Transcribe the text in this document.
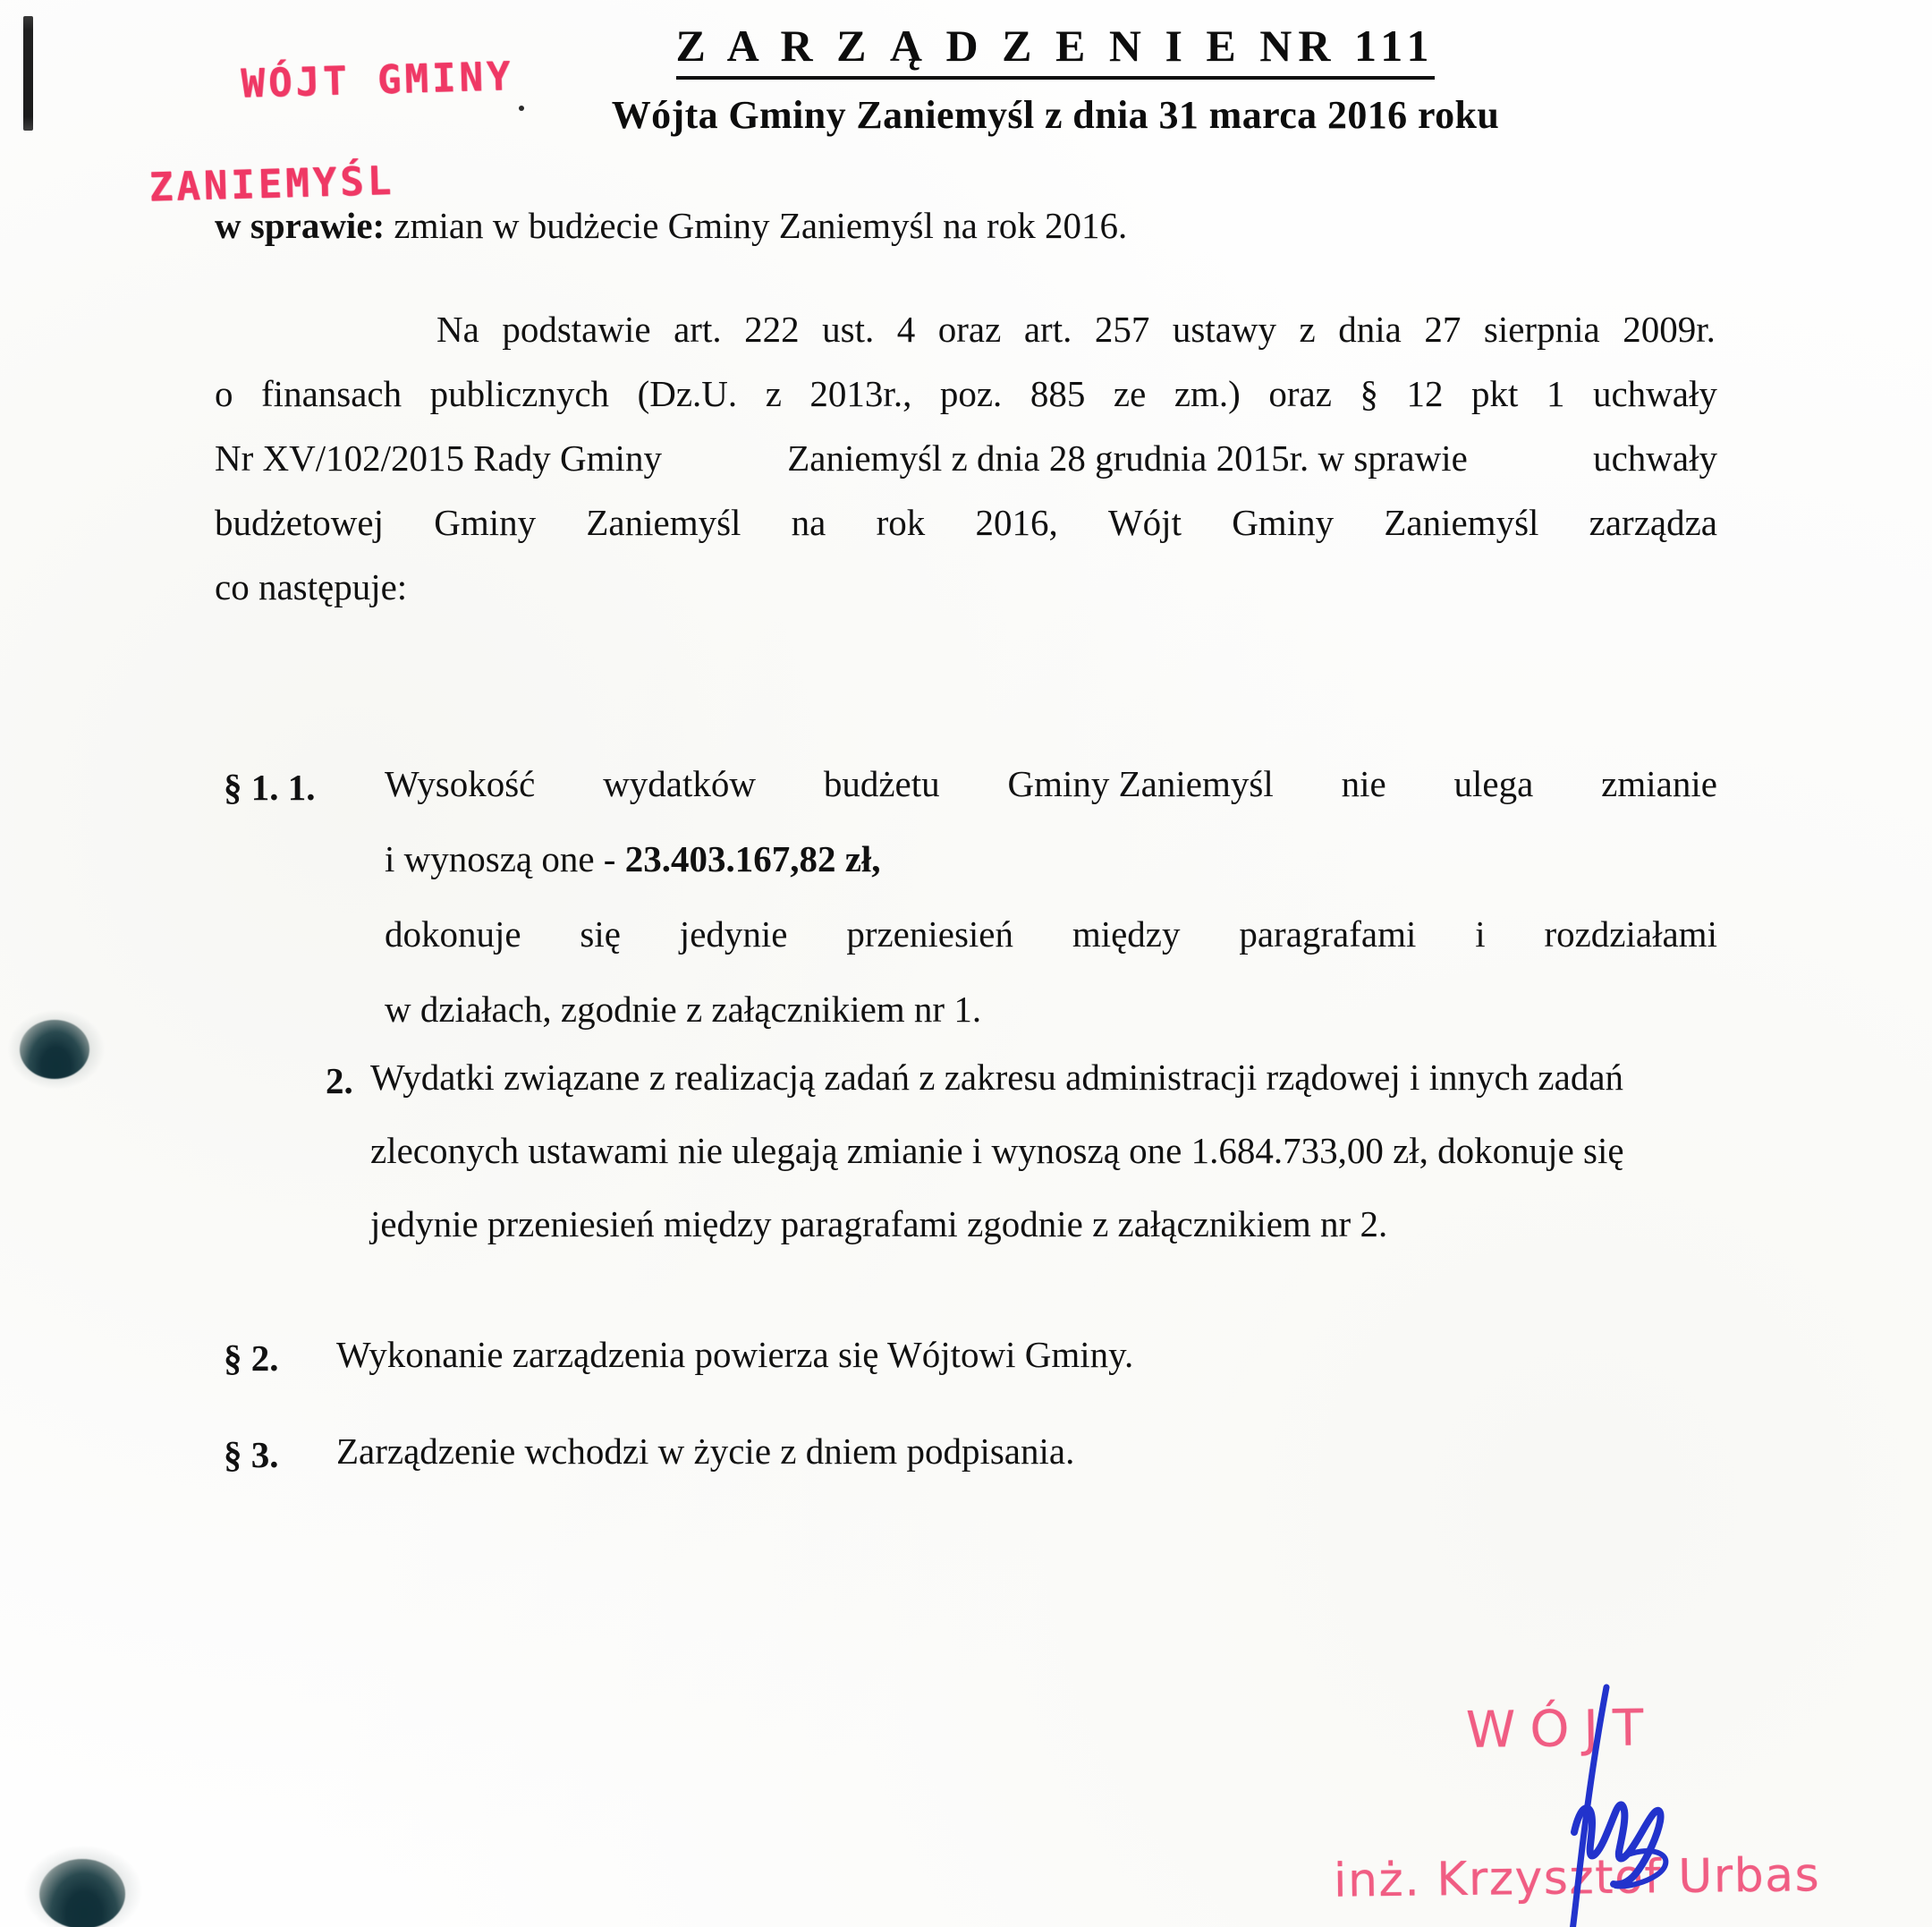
WÓJT GMINY

ZANIEMYŚL

Z A R Z Ą D Z E N I E NR 111
Wójta Gminy Zaniemyśl z dnia 31 marca 2016 roku
w sprawie: zmian w budżecie Gminy Zaniemyśl na rok 2016.
Na podstawie art. 222 ust. 4 oraz art. 257 ustawy z dnia 27 sierpnia 2009r.
o finansach publicznych (Dz.U. z 2013r., poz. 885 ze zm.) oraz § 12 pkt 1 uchwały
Nr XV/102/2015 Rady Gminy	Zaniemyśl z dnia 28 grudnia 2015r. w sprawie	uchwały
budżetowej Gminy Zaniemyśl na rok 2016, Wójt Gminy Zaniemyśl zarządza
co następuje:
§ 1. 1. Wysokość wydatków budżetu Gminy Zaniemyśl nie ulega zmianie
i wynoszą one - 23.403.167,82 zł,
dokonuje się jedynie przeniesień między paragrafami i rozdziałami
w działach, zgodnie z załącznikiem nr 1.
2. Wydatki związane z realizacją zadań z zakresu administracji rządowej i innych zadań
zleconych ustawami nie ulegają zmianie i wynoszą one 1.684.733,00 zł, dokonuje się
jedynie przeniesień między paragrafami zgodnie z załącznikiem nr 2.
§ 2. Wykonanie zarządzenia powierza się Wójtowi Gminy.
§ 3. Zarządzenie wchodzi w życie z dniem podpisania.
WÓJT
inż. Krzysztof Urbas
